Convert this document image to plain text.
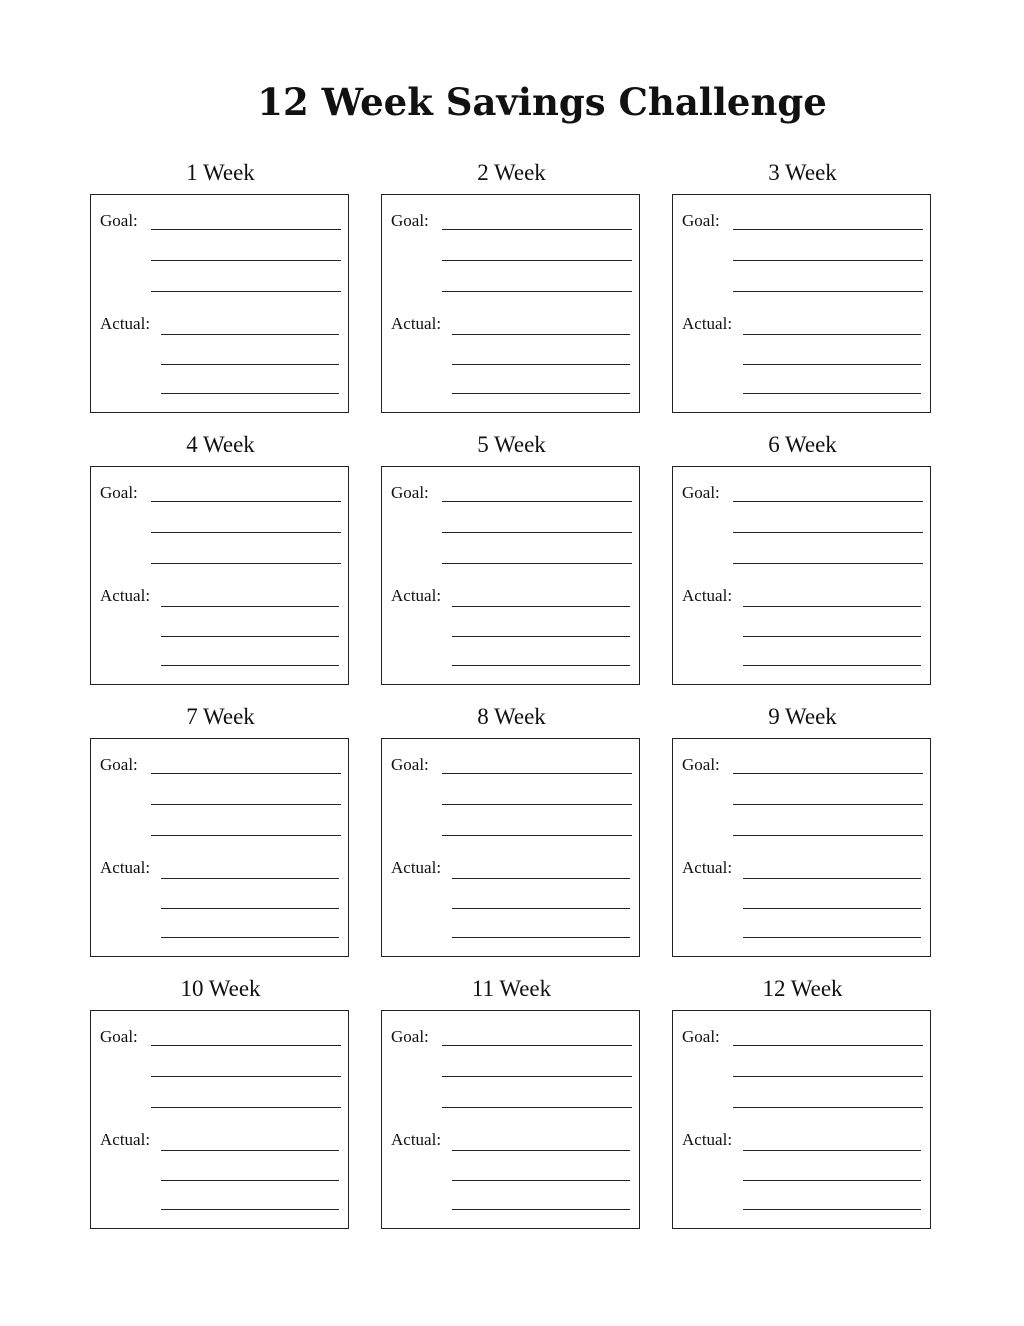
12 Week Savings Challenge
1 Week
Goal:
Actual:
2 Week
Goal:
Actual:
3 Week
Goal:
Actual:
4 Week
Goal:
Actual:
5 Week
Goal:
Actual:
6 Week
Goal:
Actual:
7 Week
Goal:
Actual:
8 Week
Goal:
Actual:
9 Week
Goal:
Actual:
10 Week
Goal:
Actual:
11 Week
Goal:
Actual:
12 Week
Goal:
Actual:
